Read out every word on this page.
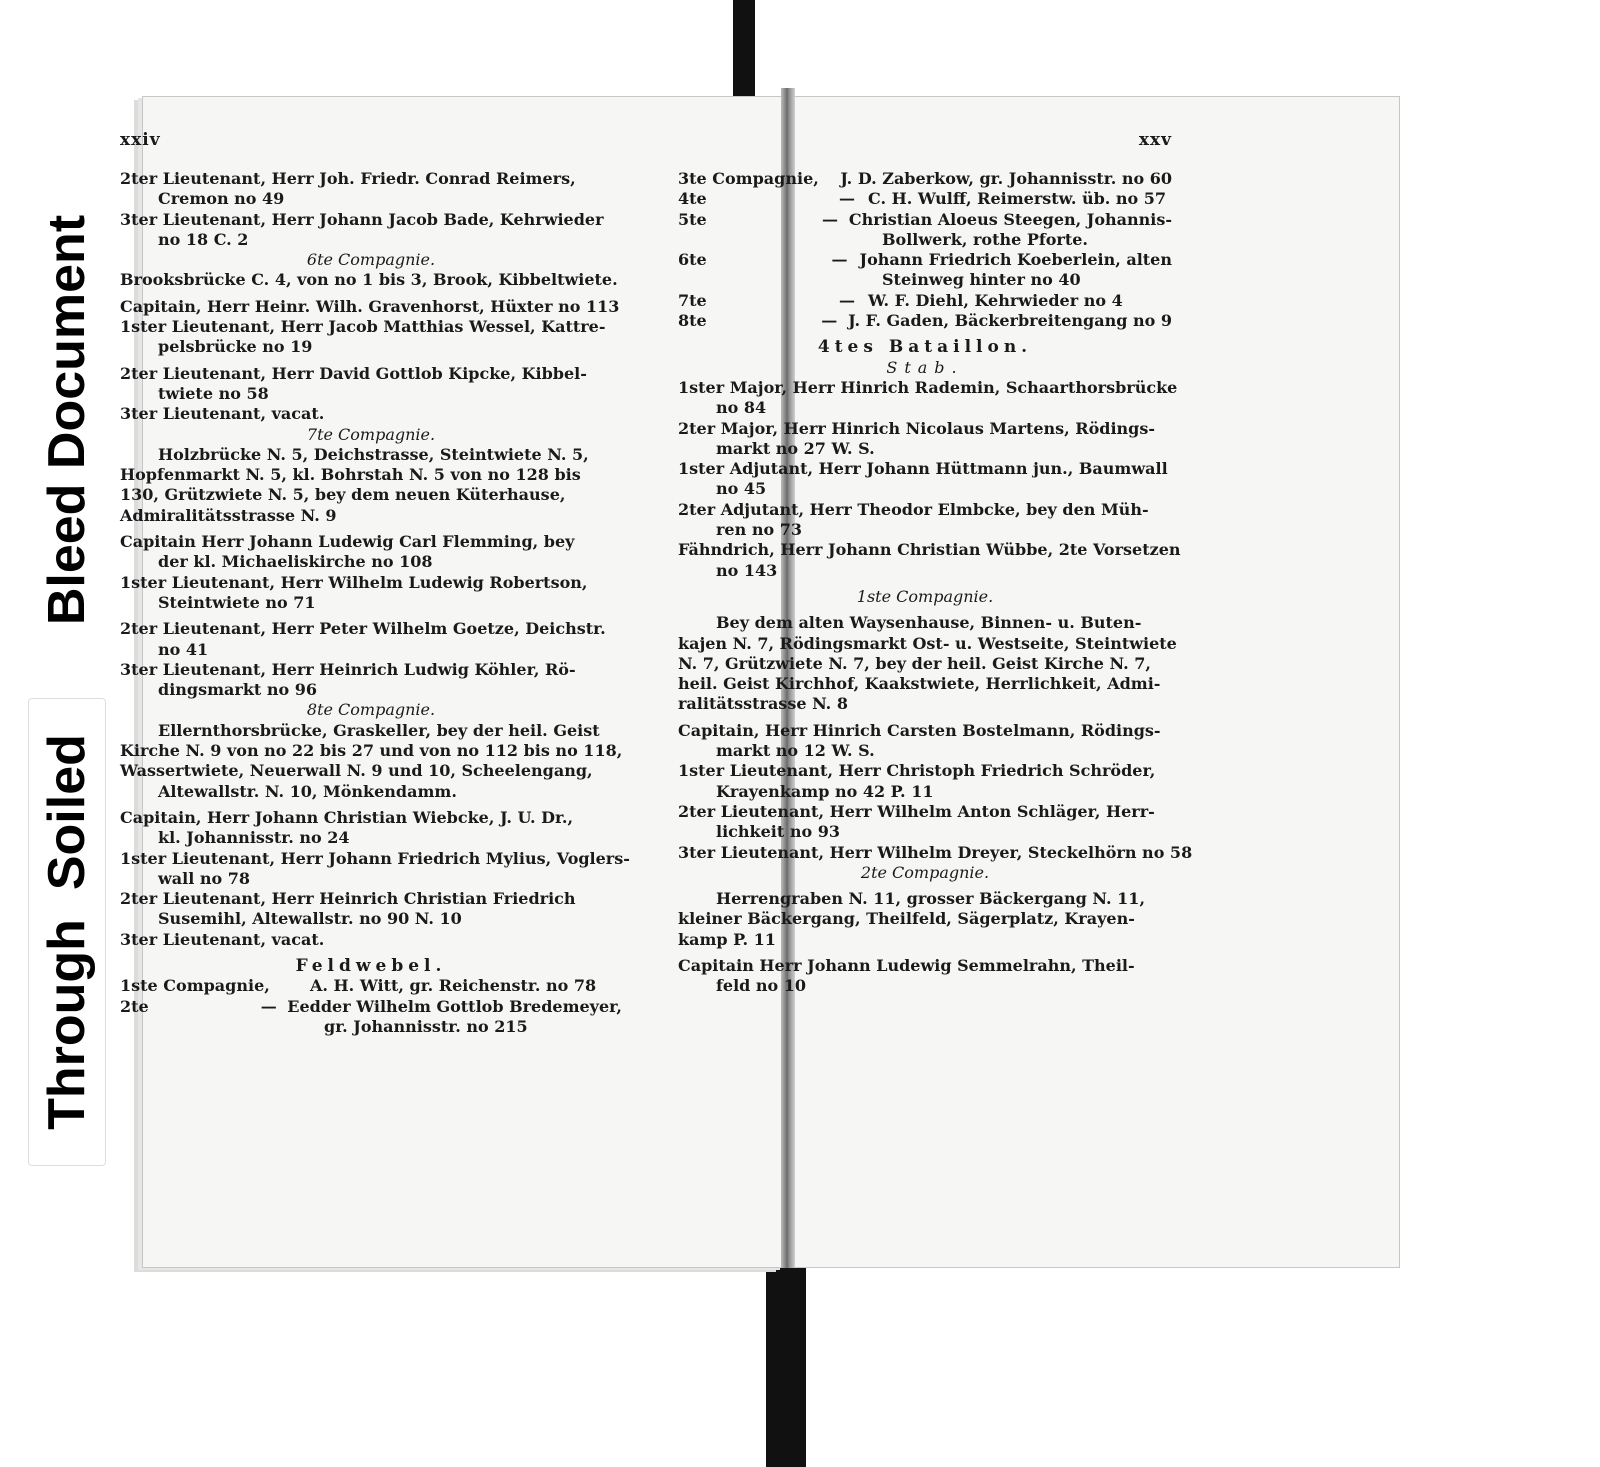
Bleed Document
Through  Soiled
xxiv
2ter Lieutenant, Herr Joh. Friedr. Conrad Reimers,
Cremon no 49
3ter Lieutenant, Herr Johann Jacob Bade, Kehrwieder
no 18 C. 2
6te Compagnie.
Brooksbrücke C. 4, von no 1 bis 3, Brook, Kibbeltwiete.
Capitain, Herr Heinr. Wilh. Gravenhorst, Hüxter no 113
1ster Lieutenant, Herr Jacob Matthias Wessel, Kattre-
pelsbrücke no 19
2ter Lieutenant, Herr David Gottlob Kipcke, Kibbel-
twiete no 58
3ter Lieutenant, vacat.
7te Compagnie.
Holzbrücke N. 5, Deichstrasse, Steintwiete N. 5,
Hopfenmarkt N. 5, kl. Bohrstah N. 5 von no 128 bis
130, Grützwiete N. 5, bey dem neuen Küterhause,
Admiralitätsstrasse N. 9
Capitain Herr Johann Ludewig Carl Flemming, bey
der kl. Michaeliskirche no 108
1ster Lieutenant, Herr Wilhelm Ludewig Robertson,
Steintwiete no 71
2ter Lieutenant, Herr Peter Wilhelm Goetze, Deichstr.
no 41
3ter Lieutenant, Herr Heinrich Ludwig Köhler, Rö-
dingsmarkt no 96
8te Compagnie.
Ellernthorsbrücke, Graskeller, bey der heil. Geist
Kirche N. 9 von no 22 bis 27 und von no 112 bis no 118,
Wassertwiete, Neuerwall N. 9 und 10, Scheelengang,
Altewallstr. N. 10, Mönkendamm.
Capitain, Herr Johann Christian Wiebcke, J. U. Dr.,
kl. Johannisstr. no 24
1ster Lieutenant, Herr Johann Friedrich Mylius, Voglers-
wall no 78
2ter Lieutenant, Herr Heinrich Christian Friedrich
Susemihl, Altewallstr. no 90 N. 10
3ter Lieutenant, vacat.
Feldwebel.
1ste Compagnie,	A. H. Witt, gr. Reichenstr. no 78
2te	— Eedder Wilhelm Gottlob Bredemeyer,
gr. Johannisstr. no 215
xxv
3te Compagnie, J. D. Zaberkow, gr. Johannisstr. no 60
4te	— C. H. Wulff, Reimerstw. üb. no 57
5te	— Christian Aloeus Steegen, Johannis-
Bollwerk, rothe Pforte.
6te	— Johann Friedrich Koeberlein, alten
Steinweg hinter no 40
7te	— W. F. Diehl, Kehrwieder no 4
8te	— J. F. Gaden, Bäckerbreitengang no 9
4tes Bataillon.
Stab.
1ster Major, Herr Hinrich Rademin, Schaarthorsbrücke
no 84
2ter Major, Herr Hinrich Nicolaus Martens, Rödings-
markt no 27 W. S.
1ster Adjutant, Herr Johann Hüttmann jun., Baumwall
no 45
2ter Adjutant, Herr Theodor Elmbcke, bey den Müh-
ren no 73
Fähndrich, Herr Johann Christian Wübbe, 2te Vorsetzen
no 143
1ste Compagnie.
Bey dem alten Waysenhause, Binnen- u. Buten-
kajen N. 7, Rödingsmarkt Ost- u. Westseite, Steintwiete
N. 7, Grützwiete N. 7, bey der heil. Geist Kirche N. 7,
heil. Geist Kirchhof, Kaakstwiete, Herrlichkeit, Admi-
ralitätsstrasse N. 8
Capitain, Herr Hinrich Carsten Bostelmann, Rödings-
markt no 12 W. S.
1ster Lieutenant, Herr Christoph Friedrich Schröder,
Krayenkamp no 42 P. 11
2ter Lieutenant, Herr Wilhelm Anton Schläger, Herr-
lichkeit no 93
3ter Lieutenant, Herr Wilhelm Dreyer, Steckelhörn no 58
2te Compagnie.
Herrengraben N. 11, grosser Bäckergang N. 11,
kleiner Bäckergang, Theilfeld, Sägerplatz, Krayen-
kamp P. 11
Capitain Herr Johann Ludewig Semmelrahn, Theil-
feld no 10
